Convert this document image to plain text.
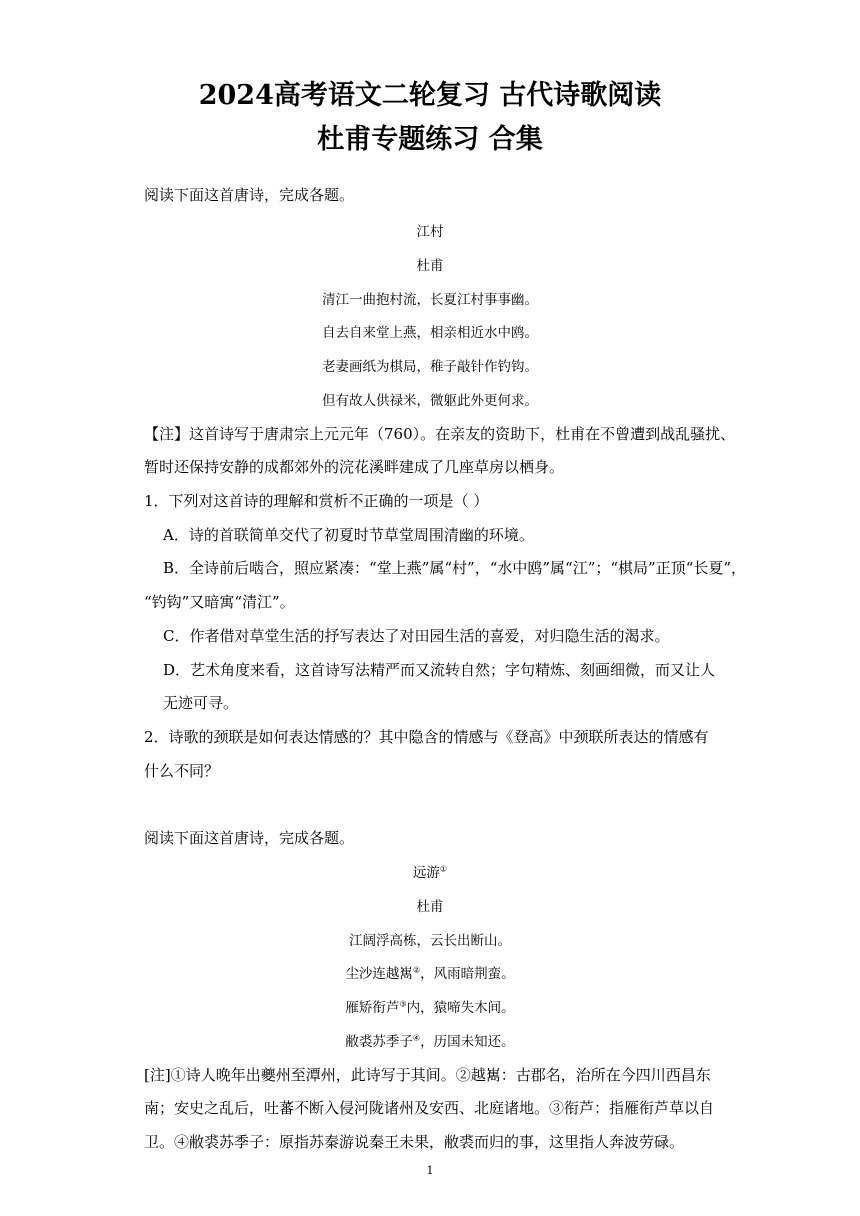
2024高考语文二轮复习 古代诗歌阅读
杜甫专题练习 合集
阅读下面这首唐诗，完成各题。
江村
杜甫
清江一曲抱村流，长夏江村事事幽。
自去自来堂上燕，相亲相近水中鸥。
老妻画纸为棋局，稚子敲针作钓钩。
但有故人供禄米，微躯此外更何求。
【注】这首诗写于唐肃宗上元元年（760）。在亲友的资助下，杜甫在不曾遭到战乱骚扰、
暂时还保持安静的成都郊外的浣花溪畔建成了几座草房以栖身。
1．下列对这首诗的理解和赏析不正确的一项是（ ）
A．诗的首联简单交代了初夏时节草堂周围清幽的环境。
B．全诗前后啮合，照应紧凑：“堂上燕”属“村”，“水中鸥”属“江”；“棋局”正顶“长夏”，
“钓钩”又暗寓“清江”。
C．作者借对草堂生活的抒写表达了对田园生活的喜爱，对归隐生活的渴求。
D．艺术角度来看，这首诗写法精严而又流转自然；字句精炼、刻画细微，而又让人
无迹可寻。
2．诗歌的颈联是如何表达情感的？其中隐含的情感与《登高》中颈联所表达的情感有
什么不同？
阅读下面这首唐诗，完成各题。
远游①
杜甫
江阔浮高栋，云长出断山。
尘沙连越嶲②，风雨暗荆蛮。
雁矫衔芦③内，猿啼失木间。
敝裘苏季子④，历国未知还。
[注]①诗人晚年出夔州至潭州，此诗写于其间。②越嶲：古郡名，治所在今四川西昌东
南；安史之乱后，吐蕃不断入侵河陇诸州及安西、北庭诸地。③衔芦：指雁衔芦草以自
卫。④敝裘苏季子：原指苏秦游说秦王未果，敝裘而归的事，这里指人奔波劳碌。
1
